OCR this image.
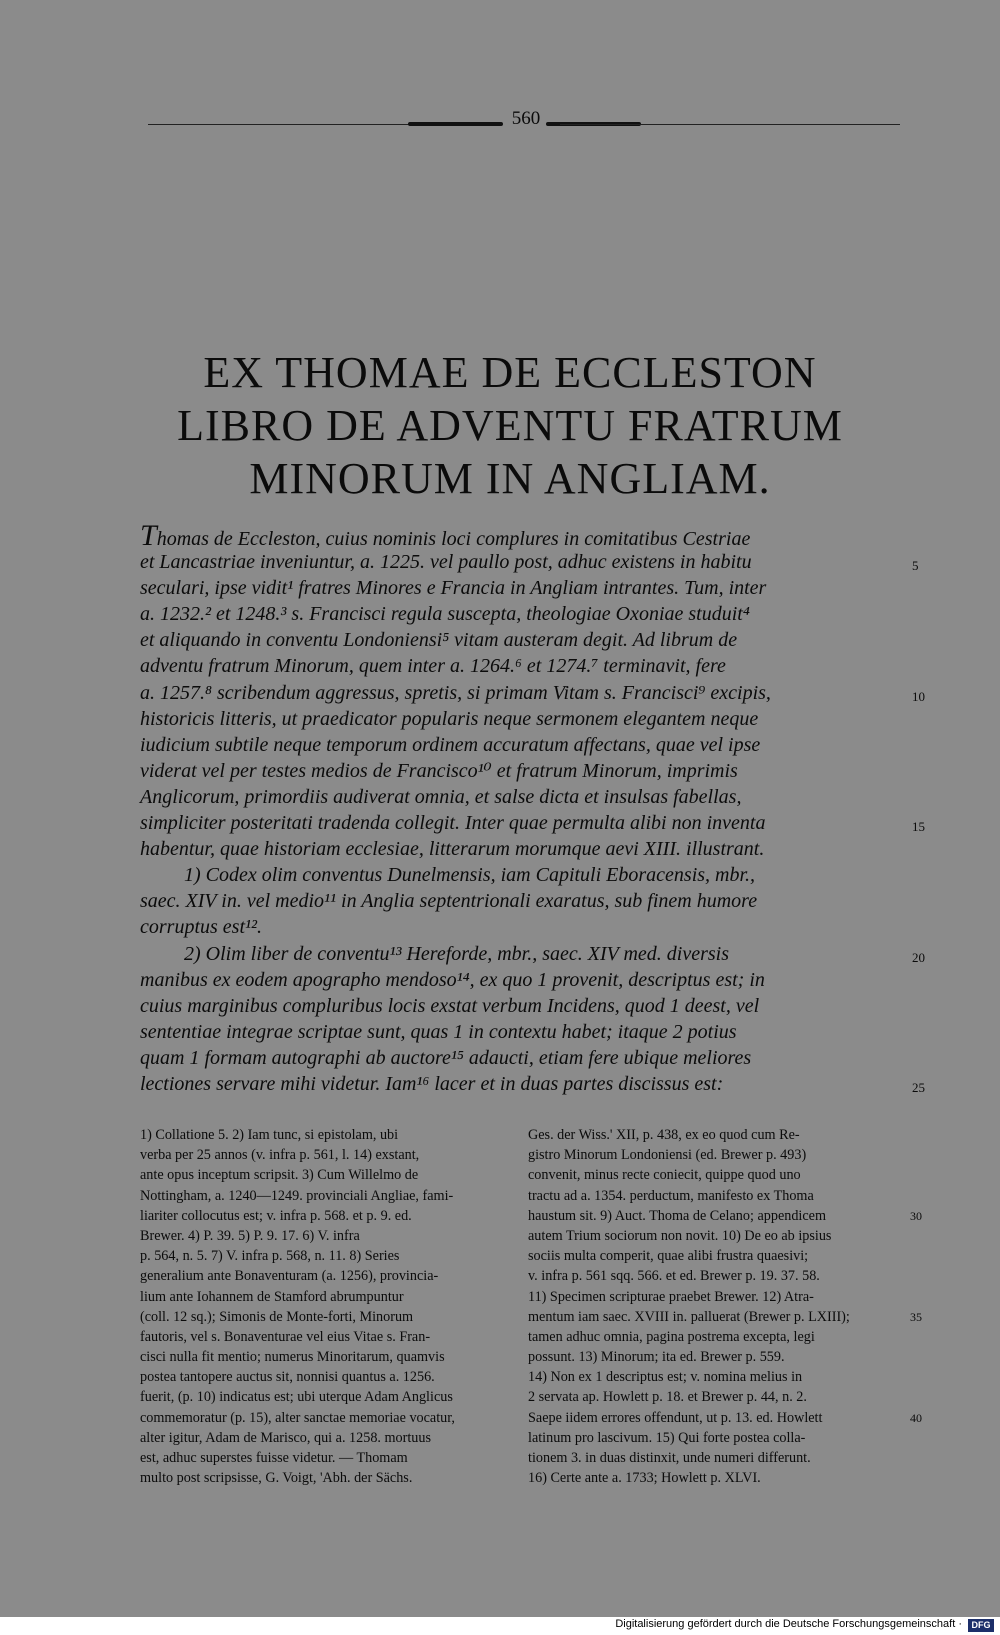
560
EX THOMAE DE ECCLESTON
LIBRO DE ADVENTU FRATRUM
MINORUM IN ANGLIAM.
Thomas de Eccleston, cuius nominis loci complures in comitatibus Cestriae
et Lancastriae inveniuntur, a. 1225. vel paullo post, adhuc existens in habitu	5
seculari, ipse vidit¹ fratres Minores e Francia in Angliam intrantes. Tum, inter
a. 1232.² et 1248.³ s. Francisci regula suscepta, theologiae Oxoniae studuit⁴
et aliquando in conventu Londoniensi⁵ vitam austeram degit. Ad librum de
adventu fratrum Minorum, quem inter a. 1264.⁶ et 1274.⁷ terminavit, fere
a. 1257.⁸ scribendum aggressus, spretis, si primam Vitam s. Francisci⁹ excipis,	10
historicis litteris, ut praedicator popularis neque sermonem elegantem neque
iudicium subtile neque temporum ordinem accuratum affectans, quae vel ipse
viderat vel per testes medios de Francisco¹⁰ et fratrum Minorum, imprimis
Anglicorum, primordiis audiverat omnia, et salse dicta et insulsas fabellas,
simpliciter posteritati tradenda collegit. Inter quae permulta alibi non inventa	15
habentur, quae historiam ecclesiae, litterarum morumque aevi XIII. illustrant.
1) Codex olim conventus Dunelmensis, iam Capituli Eboracensis, mbr.,
saec. XIV in. vel medio¹¹ in Anglia septentrionali exaratus, sub finem humore
corruptus est¹².
2) Olim liber de conventu¹³ Hereforde, mbr., saec. XIV med. diversis	20
manibus ex eodem apographo mendoso¹⁴, ex quo 1 provenit, descriptus est; in
cuius marginibus compluribus locis exstat verbum Incidens, quod 1 deest, vel
sententiae integrae scriptae sunt, quas 1 in contextu habet; itaque 2 potius
quam 1 formam autographi ab auctore¹⁵ adaucti, etiam fere ubique meliores
lectiones servare mihi videtur. Iam¹⁶ lacer et in duas partes discissus est:	25
1) Collatione 5. 2) Iam tunc, si epistolam, ubi
verba per 25 annos (v. infra p. 561, l. 14) exstant,
ante opus inceptum scripsit. 3) Cum Willelmo de
Nottingham, a. 1240—1249. provinciali Angliae, fami-
liariter collocutus est; v. infra p. 568. et p. 9. ed.
Brewer. 4) P. 39. 5) P. 9. 17. 6) V. infra
p. 564, n. 5. 7) V. infra p. 568, n. 11. 8) Series
generalium ante Bonaventuram (a. 1256), provincia-
lium ante Iohannem de Stamford abrumpuntur
(coll. 12 sq.); Simonis de Monte-forti, Minorum
fautoris, vel s. Bonaventurae vel eius Vitae s. Fran-
cisci nulla fit mentio; numerus Minoritarum, quamvis
postea tantopere auctus sit, nonnisi quantus a. 1256.
fuerit, (p. 10) indicatus est; ubi uterque Adam Anglicus
commemoratur (p. 15), alter sanctae memoriae vocatur,
alter igitur, Adam de Marisco, qui a. 1258. mortuus
est, adhuc superstes fuisse videtur. — Thomam
multo post scripsisse, G. Voigt, 'Abh. der Sächs.
Ges. der Wiss.' XII, p. 438, ex eo quod cum Re-
gistro Minorum Londoniensi (ed. Brewer p. 493)
convenit, minus recte coniecit, quippe quod uno
tractu ad a. 1354. perductum, manifesto ex Thoma
haustum sit. 9) Auct. Thoma de Celano; appendicem	30
autem Trium sociorum non novit. 10) De eo ab ipsius
sociis multa comperit, quae alibi frustra quaesivi;
v. infra p. 561 sqq. 566. et ed. Brewer p. 19. 37. 58.
11) Specimen scripturae praebet Brewer. 12) Atra-
mentum iam saec. XVIII in. palluerat (Brewer p. LXIII);	35
tamen adhuc omnia, pagina postrema excepta, legi
possunt. 13) Minorum; ita ed. Brewer p. 559.
14) Non ex 1 descriptus est; v. nomina melius in
2 servata ap. Howlett p. 18. et Brewer p. 44, n. 2.
Saepe iidem errores offendunt, ut p. 13. ed. Howlett	40
latinum pro lascivum. 15) Qui forte postea colla-
tionem 3. in duas distinxit, unde numeri differunt.
16) Certe ante a. 1733; Howlett p. XLVI.
Digitalisierung gefördert durch die Deutsche Forschungsgemeinschaft ·	DFG
